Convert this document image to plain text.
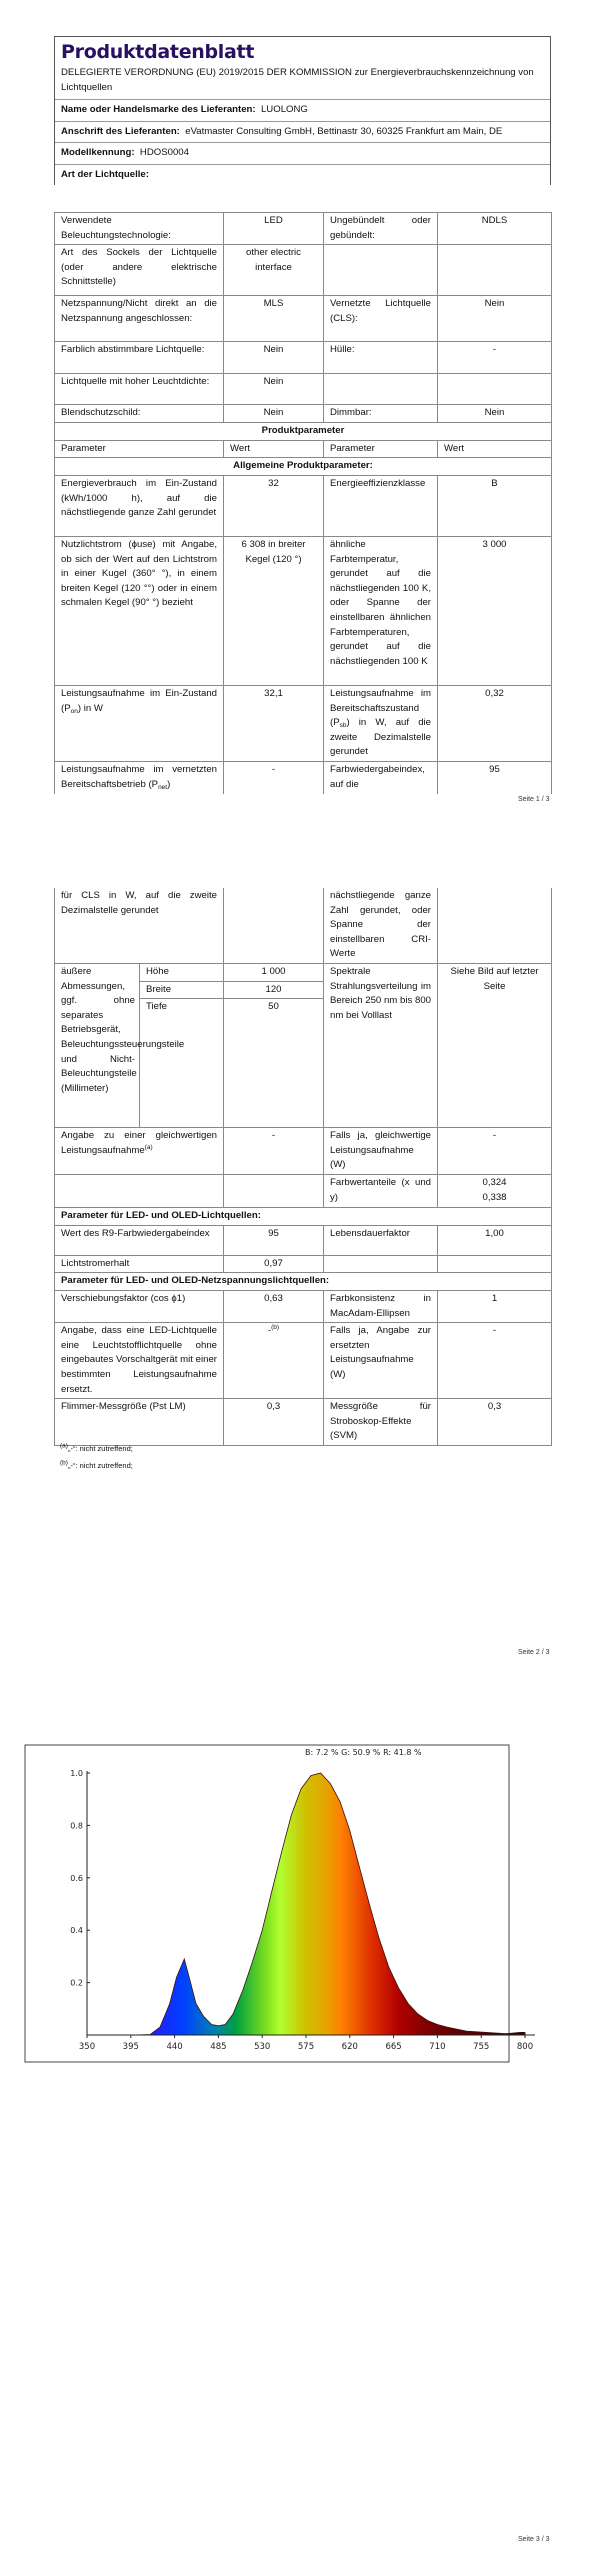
Produktdatenblatt
DELEGIERTE VERORDNUNG (EU) 2019/2015 DER KOMMISSION zur Energieverbrauchskennzeichnung von Lichtquellen
Name oder Handelsmarke des Lieferanten: LUOLONG
Anschrift des Lieferanten: eVatmaster Consulting GmbH, Bettinastr 30, 60325 Frankfurt am Main, DE
Modellkennung: HDOS0004
Art der Lichtquelle:
Verwendete Beleuchtungstechnologie:	LED	Ungebündelt oder gebündelt:	NDLS
Art des Sockels der Lichtquelle (oder andere elektrische Schnittstelle)	other electric interface		
Netzspannung/Nicht direkt an die Netzspannung angeschlossen:	MLS	Vernetzte Lichtquelle (CLS):	Nein
Farblich abstimmbare Lichtquelle:	Nein	Hülle:	-
Lichtquelle mit hoher Leuchtdichte:	Nein		
Blendschutzschild:	Nein	Dimmbar:	Nein
Produktparameter			
Parameter	Wert	Parameter	Wert
Allgemeine Produktparameter:			
Energieverbrauch im Ein-Zustand (kWh/1000 h), auf die nächstliegende ganze Zahl gerundet	32	Energieeffizienzklasse	B
Nutzlichtstrom (ϕuse) mit Angabe, ob sich der Wert auf den Lichtstrom in einer Kugel (360° °), in einem breiten Kegel (120 °°) oder in einem schmalen Kegel (90° °) bezieht	6 308 in breiter Kegel (120 °)	ähnliche Farbtemperatur, gerundet auf die nächstliegenden 100 K, oder Spanne der einstellbaren ähnlichen Farbtemperaturen, gerundet auf die nächstliegenden 100 K	3 000
Leistungsaufnahme im Ein-Zustand $(P_{on})$ in W	32,1	Leistungsaufnahme im Bereitschaftszustand $(P_{sb})$ in W, auf die zweite Dezimalstelle gerundet	0,32

Leistungsaufnahme im vernetzten Bereitschaftsbetrieb $(P_{net})$	-	Farbwiedergabeindex, auf die	95
Seite 1 / 3
für CLS in W, auf die zweite Dezimalstelle gerundet			nächstliegende ganze Zahl gerundet, oder Spanne der einstellbaren CRI-Werte	
äußere Abmessungen, ggf. ohne separates Betriebsgerät, Beleuchtungssteuerungsteile und Nicht-Beleuchtungsteile (Millimeter)	Höhe	1 000	Spektrale Strahlungsverteilung im Bereich 250 nm bis 800 nm bei Volllast	Siehe Bild auf letzter Seite
	Breite	120		
	Tiefe	50		
Angabe zu einer gleichwertigen Leistungsaufnahme$^{(a)}$		-	Falls ja, gleichwertige Leistungsaufnahme (W)	-
			Farbwertanteile (x und y)	0,324
0,338

Parameter für LED- und OLED-Lichtquellen:				
Wert des R9-Farbwiedergabeindex		95	Lebensdauerfaktor	1,00
Lichtstromerhalt		0,97		
Parameter für LED- und OLED-Netzspannungslichtquellen:				
Verschiebungsfaktor (cos ϕ1)		0,63	Farbkonsistenz in MacAdam-Ellipsen	1
Angabe, dass eine LED-Lichtquelle eine Leuchtstofflichtquelle ohne eingebautes Vorschaltgerät mit einer bestimmten Leistungsaufnahme ersetzt.		-$^{(b)}$	Falls ja, Angabe zur ersetzten Leistungsaufnahme (W)	-
Flimmer-Messgröße (Pst LM)		0,3	Messgröße für Stroboskop-Effekte (SVM)	0,3
$^{(a)}$„-“: nicht zutreffend;
$^{(b)}$„-“: nicht zutreffend;
Seite 2 / 3
350	395	440	485	530	575	620	665	710	755	800
0.2
0.4
0.6
0.8
1.0
B: 7.2 % G: 50.9 % R: 41.8 %
Seite 3 / 3
